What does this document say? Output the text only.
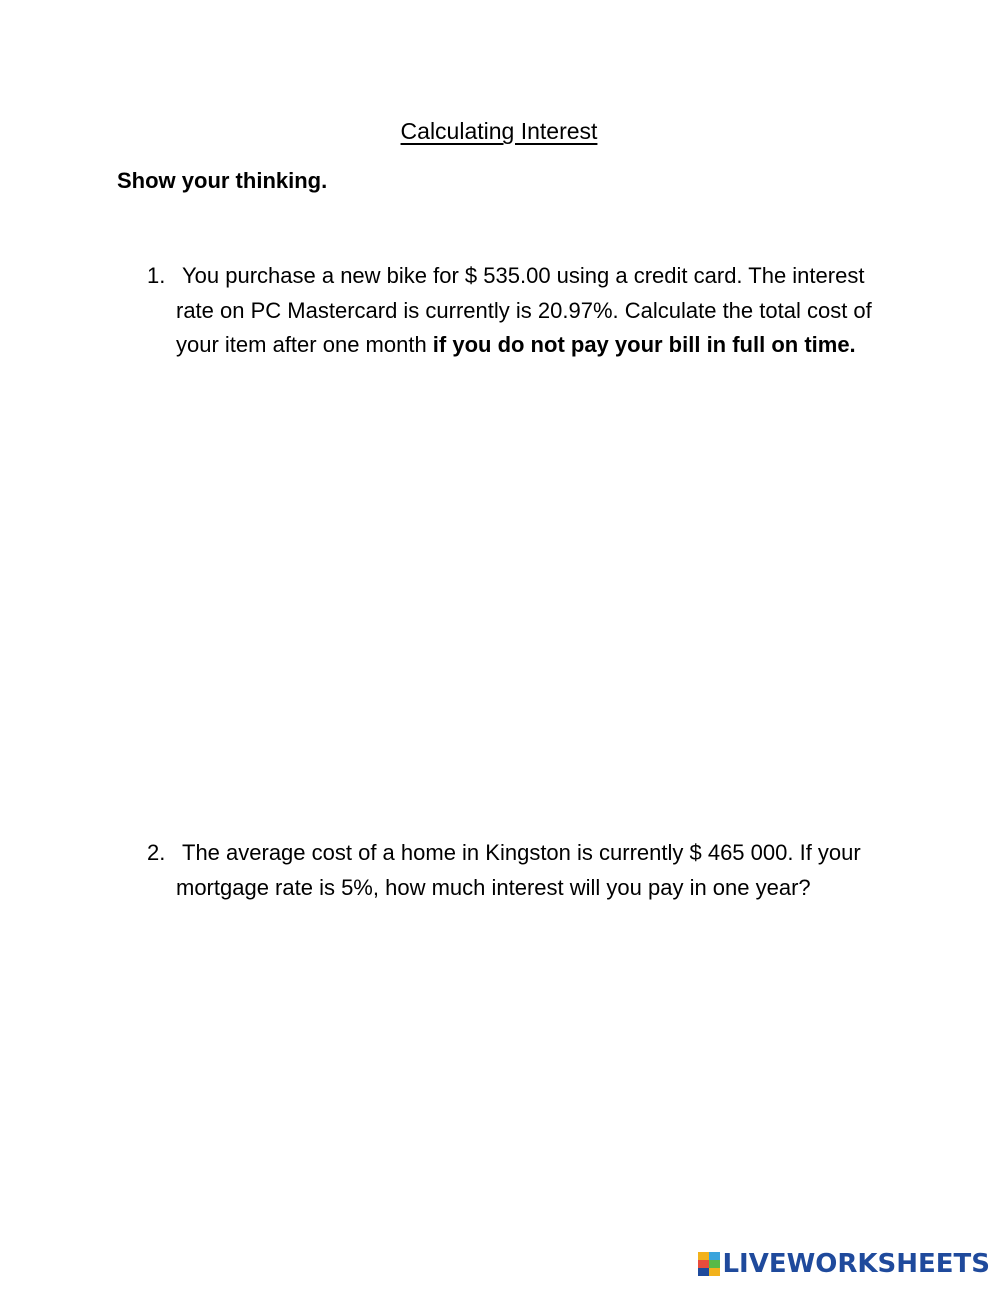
Calculating Interest
Show your thinking.
1. You purchase a new bike for $ 535.00 using a credit card. The interest rate on PC Mastercard is currently is 20.97%. Calculate the total cost of your item after one month if you do not pay your bill in full on time.
2. The average cost of a home in Kingston is currently $ 465 000. If your mortgage rate is 5%, how much interest will you pay in one year?
LIVEWORKSHEETS
